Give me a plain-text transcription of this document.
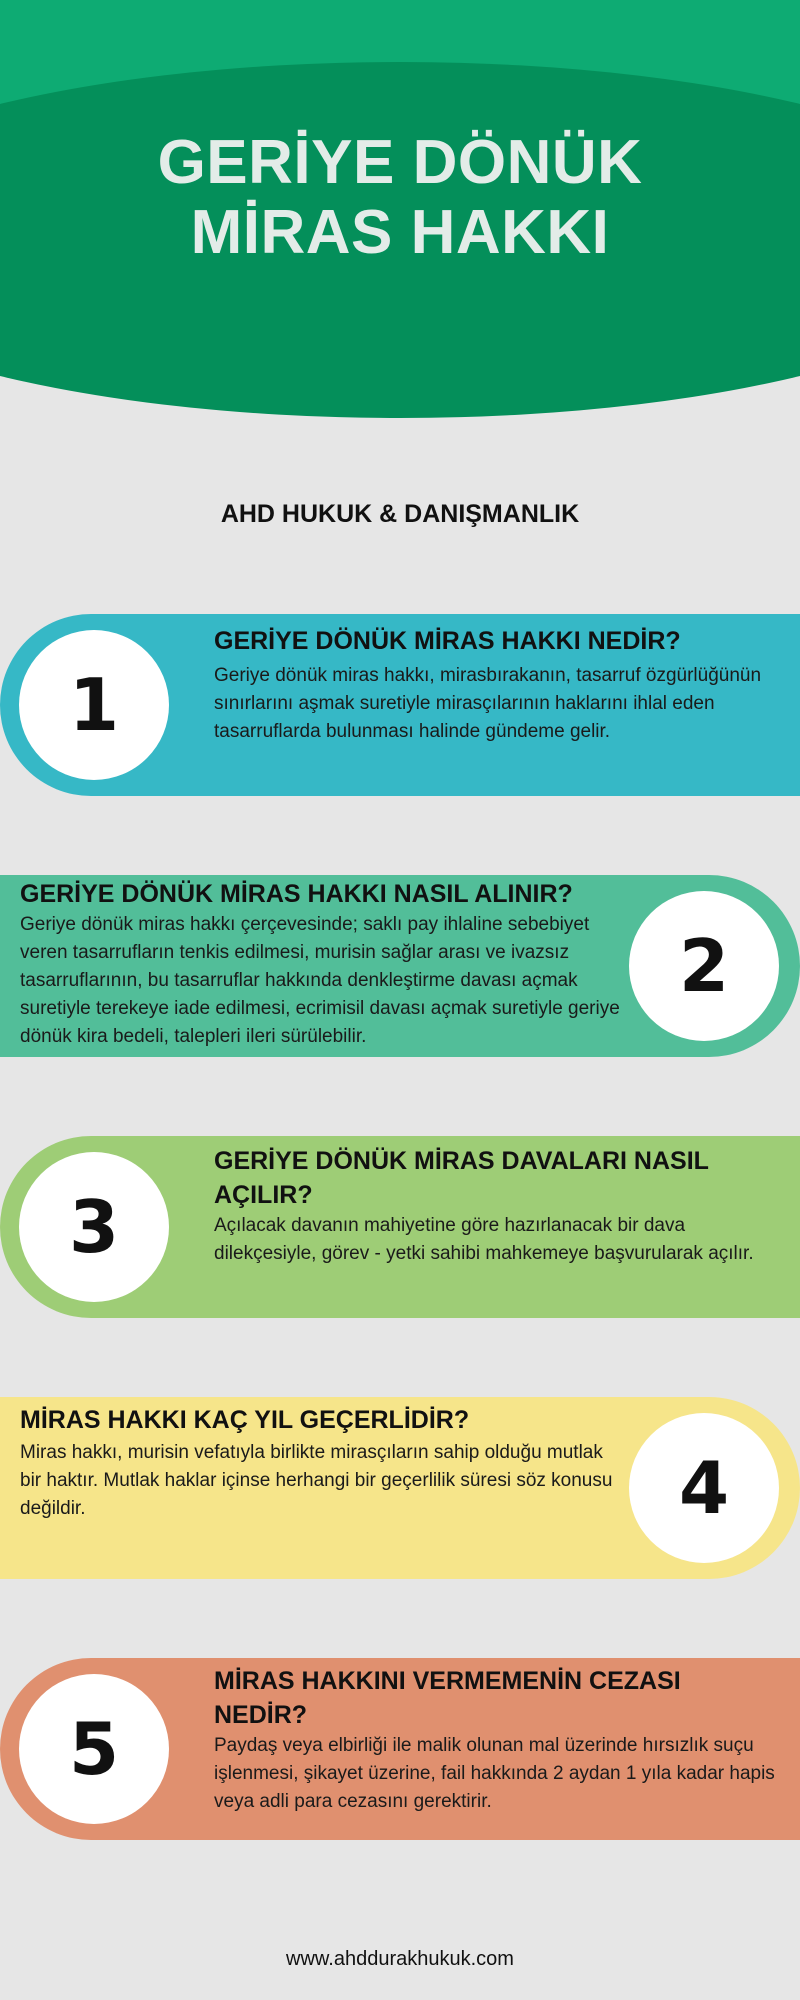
GERİYE DÖNÜK
MİRAS HAKKI
AHD HUKUK & DANIŞMANLIK
1
GERİYE DÖNÜK MİRAS HAKKI NEDİR?
Geriye dönük miras hakkı, mirasbırakanın, tasarruf özgürlüğünün sınırlarını aşmak suretiyle mirasçılarının haklarını ihlal eden tasarruflarda bulunması halinde gündeme gelir.
2
GERİYE DÖNÜK MİRAS HAKKI NASIL ALINIR?
Geriye dönük miras hakkı çerçevesinde; saklı pay ihlaline sebebiyet veren tasarrufların tenkis edilmesi, murisin sağlar arası ve ivazsız tasarruflarının, bu tasarruflar hakkında denkleştirme davası açmak suretiyle terekeye iade edilmesi, ecrimisil davası açmak suretiyle geriye dönük kira bedeli, talepleri ileri sürülebilir.
3
GERİYE DÖNÜK MİRAS DAVALARI NASIL AÇILIR?
Açılacak davanın mahiyetine göre hazırlanacak bir dava dilekçesiyle, görev - yetki sahibi mahkemeye başvurularak açılır.
4
MİRAS HAKKI KAÇ YIL GEÇERLİDİR?
Miras hakkı, murisin vefatıyla birlikte mirasçıların sahip olduğu mutlak bir haktır. Mutlak haklar içinse herhangi bir geçerlilik süresi söz konusu değildir.
5
MİRAS HAKKINI VERMEMENİN CEZASI NEDİR?
Paydaş veya elbirliği ile malik olunan mal üzerinde hırsızlık suçu işlenmesi, şikayet üzerine, fail hakkında 2 aydan 1 yıla kadar hapis veya adli para cezasını gerektirir.
www.ahddurakhukuk.com
